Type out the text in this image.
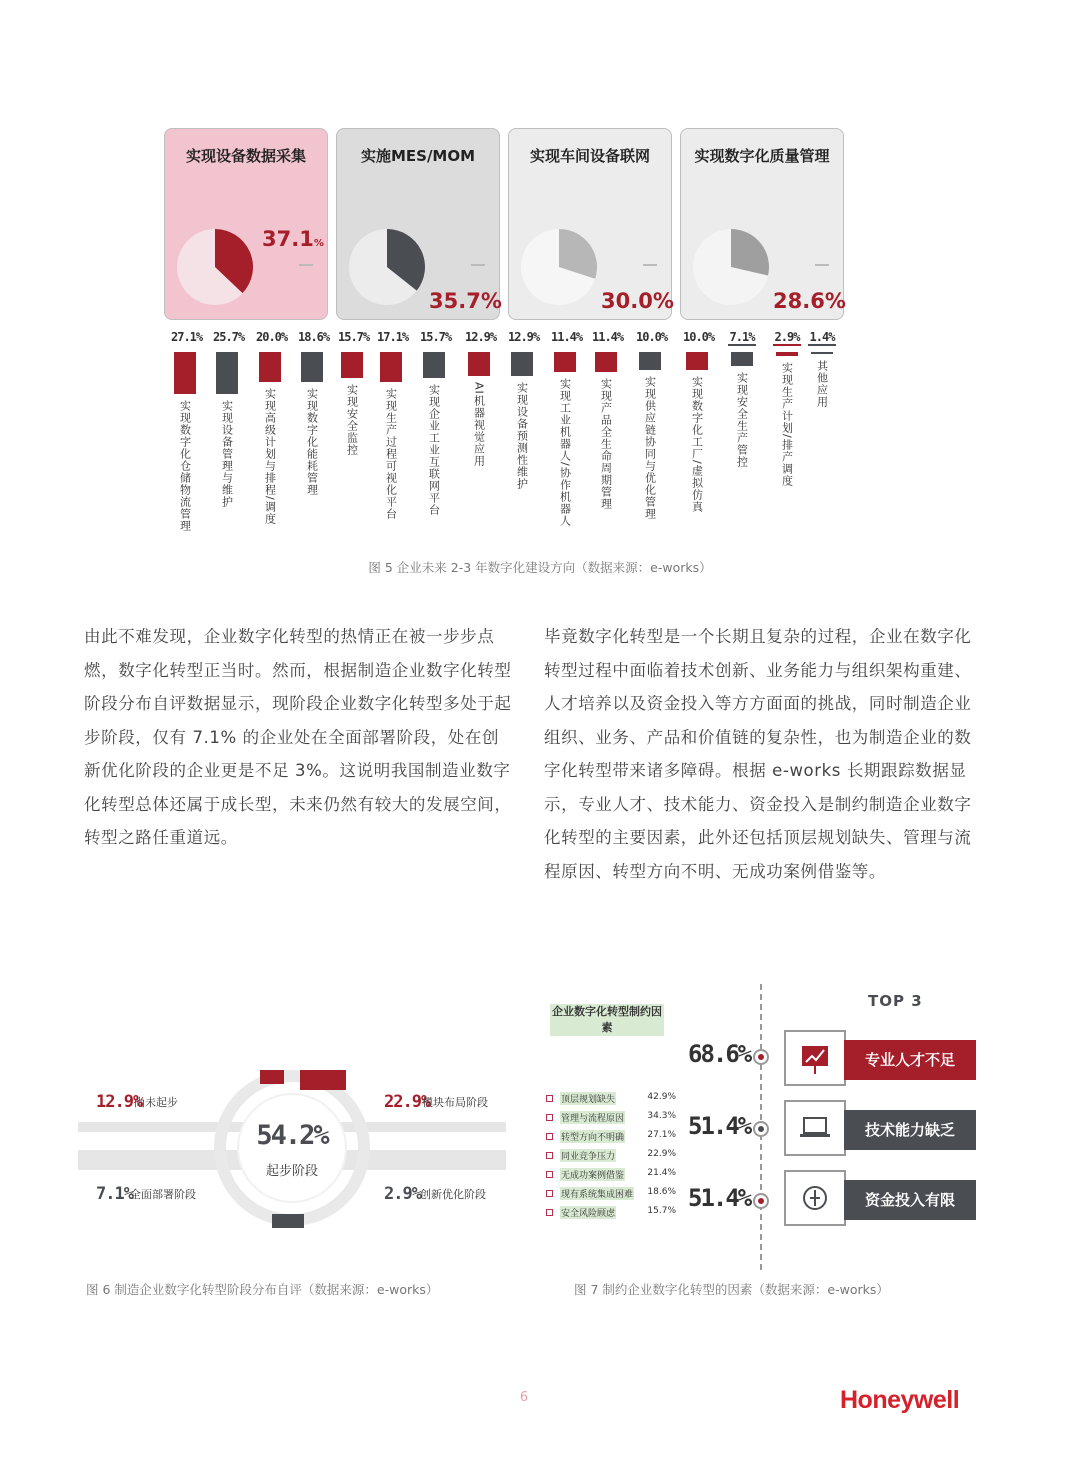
实现设备数据采集
37.1%
实施MES/MOM
35.7%
实现车间设备联网
30.0%
实现数字化质量管理
28.6%
27.1%
实现数字化仓储物流管理
25.7%
实现设备管理与维护
20.0%
实现高级计划与排程/调度
18.6%
实现数字化能耗管理
15.7%
实现安全监控
17.1%
实现生产过程可视化平台
15.7%
实现企业工业互联网平台
12.9%
AI机器视觉应用
12.9%
实现设备预测性维护
11.4%
实现工业机器人/协作机器人
11.4%
实现产品全生命周期管理
10.0%
实现供应链协同与优化管理
10.0%
实现数字化工厂/虚拟仿真
7.1%
实现安全生产管控
2.9%
实现生产计划/排产调度
1.4%
其他应用
图 5 企业未来 2-3 年数字化建设方向（数据来源：e-works）
由此不难发现，企业数字化转型的热情正在被一步步点燃，数字化转型正当时。然而，根据制造企业数字化转型阶段分布自评数据显示，现阶段企业数字化转型多处于起步阶段，仅有 7.1% 的企业处在全面部署阶段，处在创新优化阶段的企业更是不足 3%。这说明我国制造业数字化转型总体还属于成长型，未来仍然有较大的发展空间，转型之路任重道远。
毕竟数字化转型是一个长期且复杂的过程，企业在数字化转型过程中面临着技术创新、业务能力与组织架构重建、人才培养以及资金投入等方方面面的挑战，同时制造企业组织、业务、产品和价值链的复杂性，也为制造企业的数字化转型带来诸多障碍。根据 e-works 长期跟踪数据显示，专业人才、技术能力、资金投入是制约制造企业数字化转型的主要因素，此外还包括顶层规划缺失、管理与流程原因、转型方向不明、无成功案例借鉴等。
54.2%
起步阶段
12.9%
尚未起步	22.9%
模块布局阶段
7.1%
全面部署阶段	2.9% 创新优化阶段
图 6 制造企业数字化转型阶段分布自评（数据来源：e-works）
企业数字化转型制约因素
顶层规划缺失	42.9%
管理与流程原因	34.3%
转型方向不明确	27.1%
同业竞争压力	22.9%
无成功案例借鉴	21.4%
现有系统集成困难 18.6%
安全风险顾虑	15.7%
TOP 3
68.6%	专业人才不足
51.4%	技术能力缺乏
51.4%	资金投入有限
图 7 制约企业数字化转型的因素（数据来源：e-works）
6	Honeywell
